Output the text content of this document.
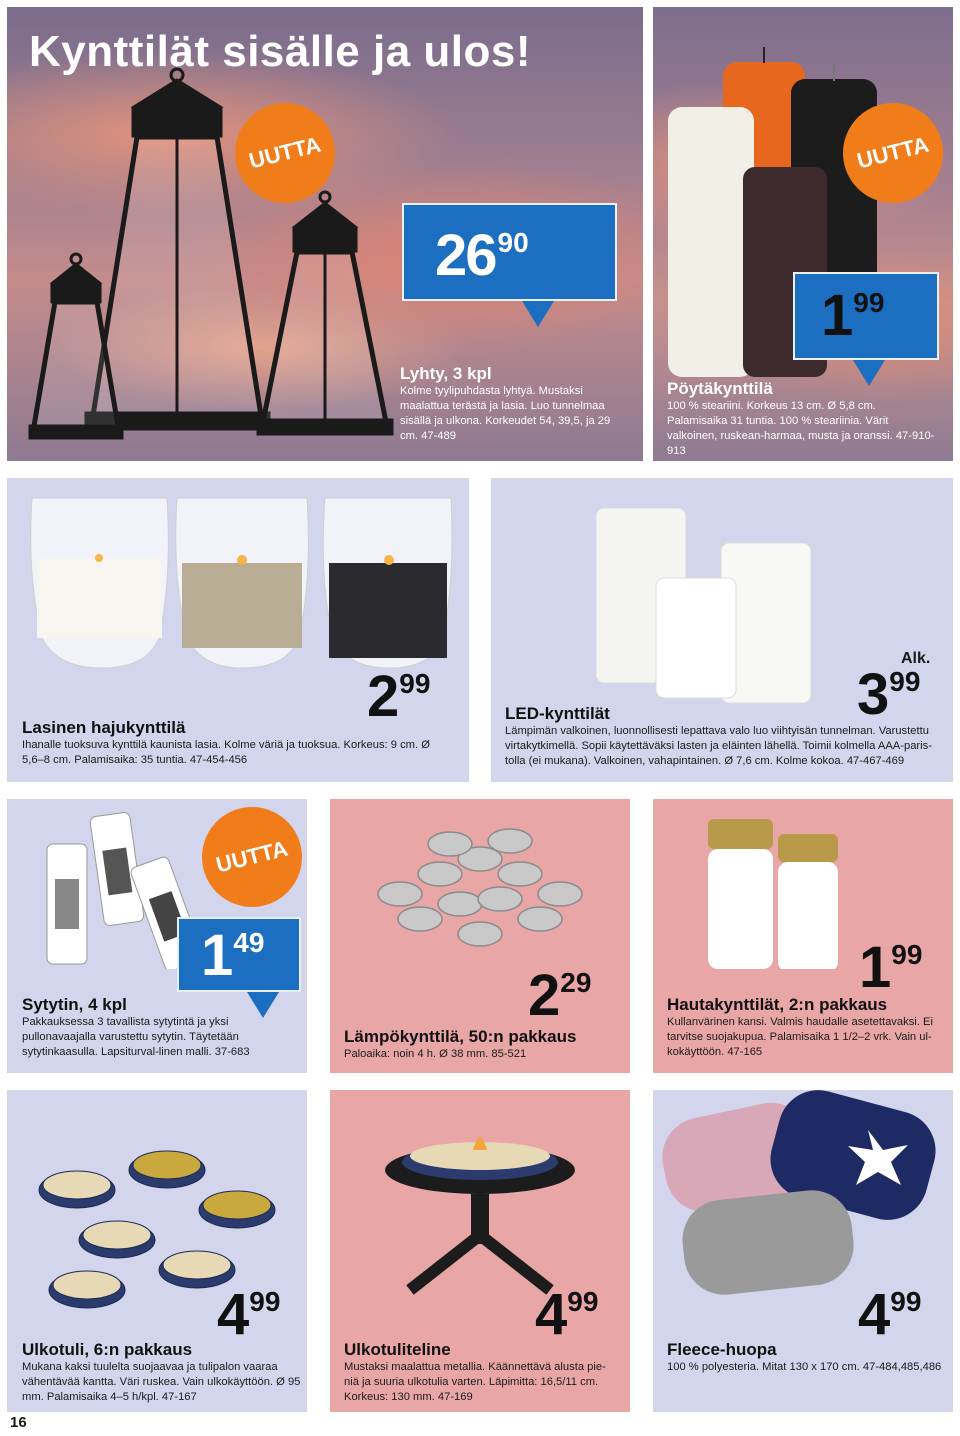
Kynttilät sisälle ja ulos!
UUTTA
2690
Lyhty, 3 kpl
Kolme tyylipuhdasta lyhtyä. Mustaksi maalattua terästä ja lasia. Luo tunnelmaa sisällä ja ulkona. Korkeudet 54, 39,5, ja 29 cm. 47-489
UUTTA
199
Pöytäkynttilä
100 % steariini. Korkeus 13 cm. Ø 5,8 cm. Palamisaika 31 tuntia. 100 % steariinia. Värit valkoinen, ruskean-harmaa, musta ja oranssi. 47-910-913
299
Lasinen hajukynttilä
Ihanalle tuoksuva kynttilä kaunista lasia. Kolme väriä ja tuoksua. Korkeus: 9 cm. Ø 5,6–8 cm. Palamisaika: 35 tuntia. 47-454-456
Alk.
399
LED-kynttilät
Lämpimän valkoinen, luonnollisesti lepattava valo luo viihtyisän tunnelman. Varustettu virtakytkimellä. Sopii käytettäväksi lasten ja eläinten lähellä. Toimii kolmella AAA-paris-tolla (ei mukana). Valkoinen, vahapintainen. Ø 7,6 cm. Kolme kokoa. 47-467-469
UUTTA
149
Sytytin, 4 kpl
Pakkauksessa 3 tavallista sytytintä ja yksi pullonavaajalla varustettu sytytin. Täytetään sytytinkaasulla. Lapsiturval-linen malli. 37-683
229
Lämpökynttilä, 50:n pakkaus
Paloaika: noin 4 h. Ø 38 mm. 85-521
199
Hautakynttilät, 2:n pakkaus
Kullanvärinen kansi. Valmis haudalle asetettavaksi. Ei tarvitse suojakupua. Palamisaika 1 1/2–2 vrk. Vain ul-kokäyttöön. 47-165
499
Ulkotuli, 6:n pakkaus
Mukana kaksi tuulelta suojaavaa ja tulipalon vaaraa vähentävää kantta. Väri ruskea. Vain ulkokäyttöön. Ø 95 mm. Palamisaika 4–5 h/kpl. 47-167
499
Ulkotuliteline
Mustaksi maalattua metallia. Käännettävä alusta pie-niä ja suuria ulkotulia varten. Läpimitta: 16,5/11 cm. Korkeus: 130 mm. 47-169
499
Fleece-huopa
100 % polyesteria. Mitat 130 x 170 cm. 47-484,485,486
16
